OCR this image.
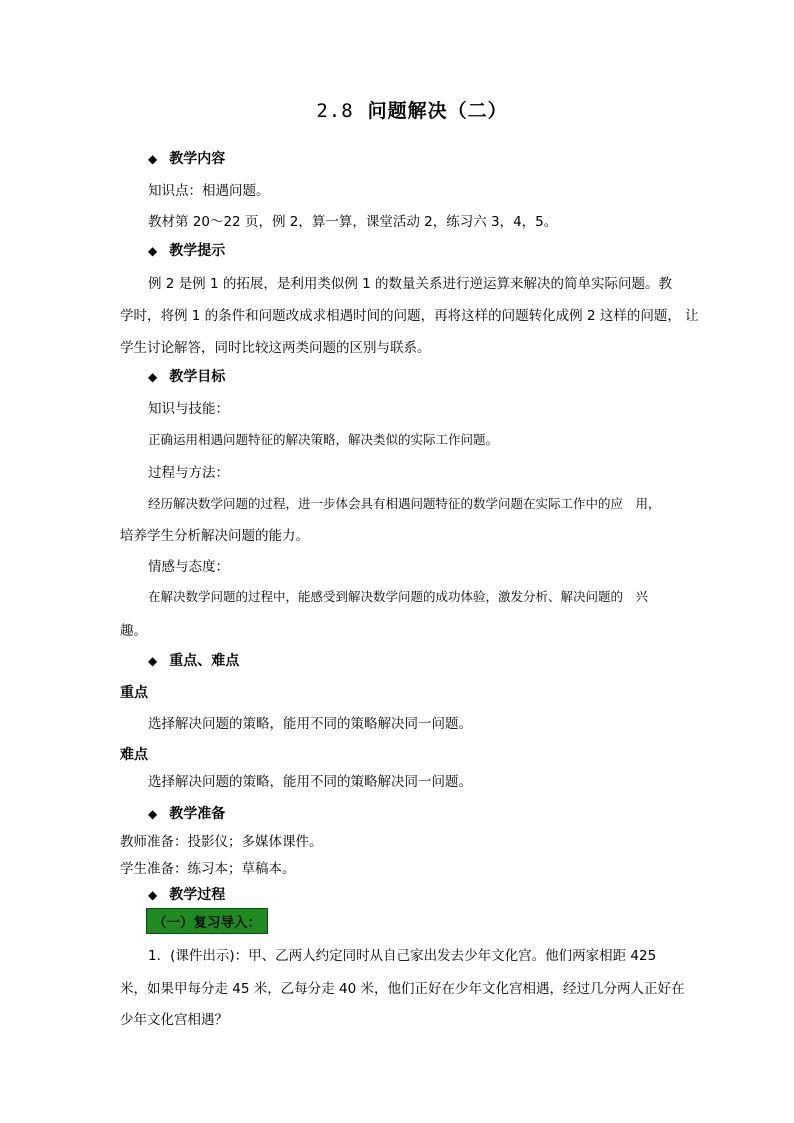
2.8 问题解决（二）
◆ 教学内容
知识点：相遇问题。
教材第 20～22 页，例 2，算一算，课堂活动 2，练习六 3，4，5。
◆ 教学提示
例 2 是例 1 的拓展，是利用类似例 1 的数量关系进行逆运算来解决的简单实际问题。教
学时，将例 1 的条件和问题改成求相遇时间的问题，再将这样的问题转化成例 2 这样的问题， 让
学生讨论解答，同时比较这两类问题的区别与联系。
◆ 教学目标
知识与技能：
正确运用相遇问题特征的解决策略，解决类似的实际工作问题。
过程与方法：
经历解决数学问题的过程，进一步体会具有相遇问题特征的数学问题在实际工作中的应　用，
培养学生分析解决问题的能力。
情感与态度：
在解决数学问题的过程中，能感受到解决数学问题的成功体验，激发分析、解决问题的　兴
趣。
◆ 重点、难点
重点
选择解决问题的策略，能用不同的策略解决同一问题。
难点
选择解决问题的策略，能用不同的策略解决同一问题。
◆ 教学准备
教师准备：投影仪；多媒体课件。
学生准备：练习本；草稿本。
◆ 教学过程
（一）复习导入：
1．(课件出示)：甲、乙两人约定同时从自己家出发去少年文化宫。他们两家相距 425
米，如果甲每分走 45 米，乙每分走 40 米，他们正好在少年文化宫相遇，经过几分两人正好在
少年文化宫相遇？
